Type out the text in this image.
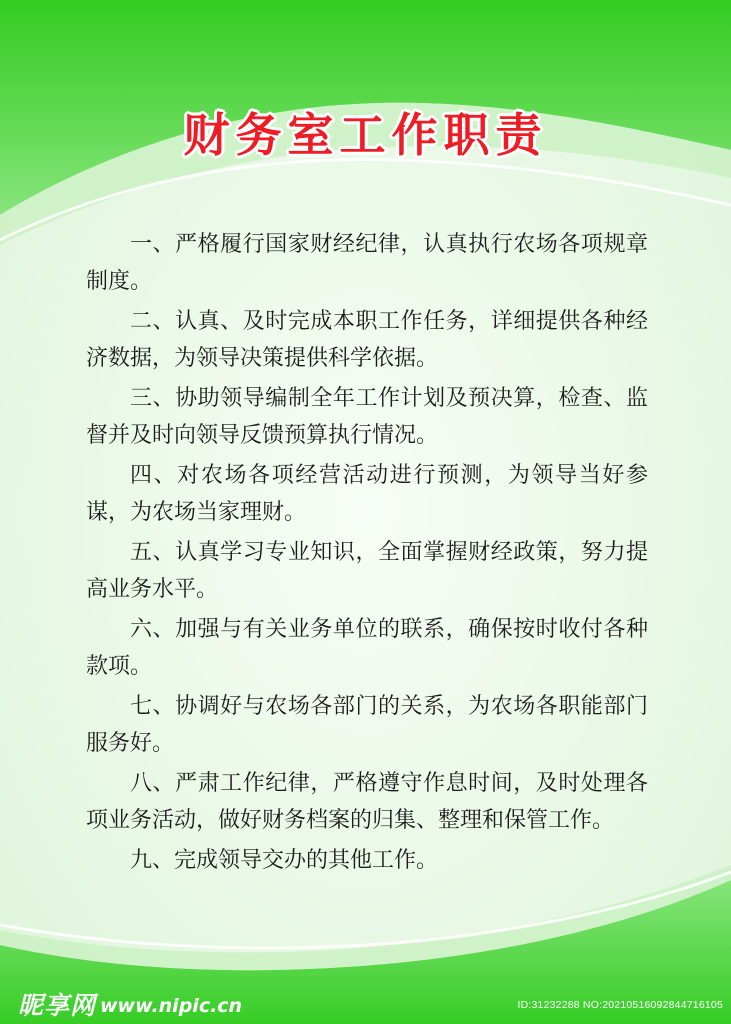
财务室工作职责

一、严格履行国家财经纪律，认真执行农场各项规章制度。

二、认真、及时完成本职工作任务，详细提供各种经济数据，为领导决策提供科学依据。

三、协助领导编制全年工作计划及预决算，检查、监督并及时向领导反馈预算执行情况。

四、对农场各项经营活动进行预测，为领导当好参谋，为农场当家理财。

五、认真学习专业知识，全面掌握财经政策，努力提高业务水平。

六、加强与有关业务单位的联系，确保按时收付各种款项。

七、协调好与农场各部门的关系，为农场各职能部门服务好。

八、严肃工作纪律，严格遵守作息时间，及时处理各项业务活动，做好财务档案的归集、整理和保管工作。

九、完成领导交办的其他工作。

昵享网 www.nipic.cn	ID:31232288 NO:20210516092844716105
